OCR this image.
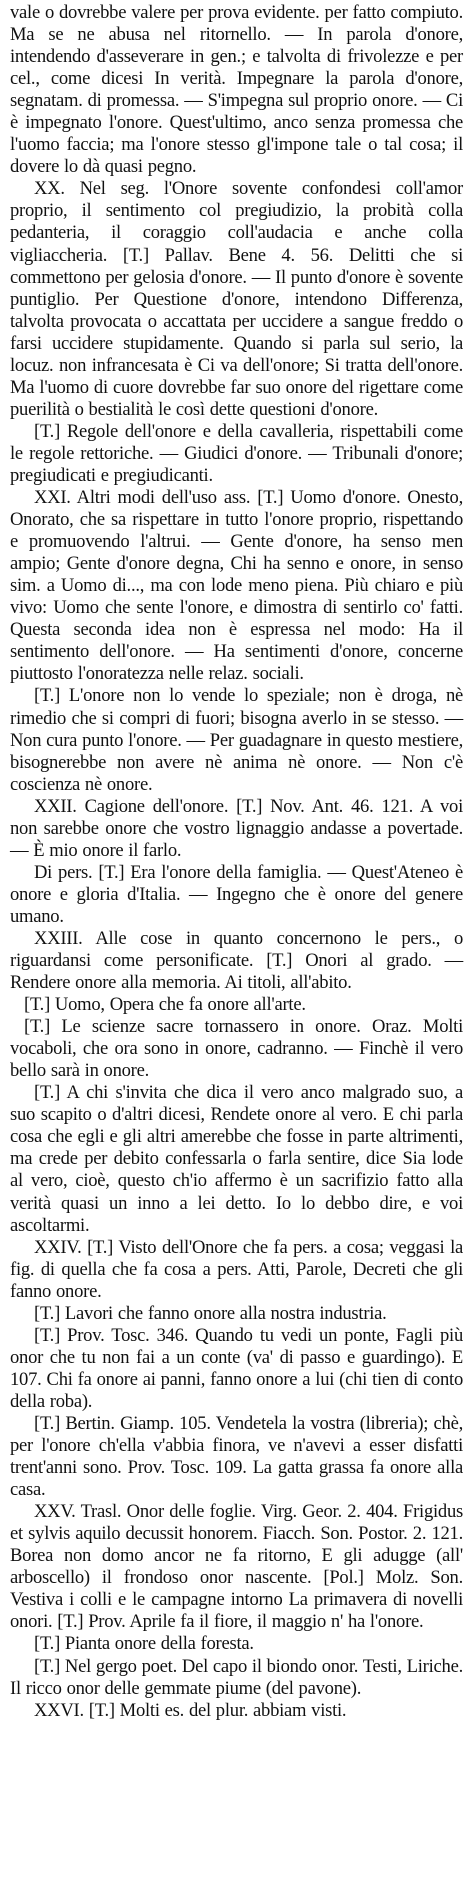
vale o dovrebbe valere per prova evidente. per fatto compiuto. Ma se ne abusa nel ritornello. — In parola d'onore, intendendo d'asseverare in gen.; e talvolta di frivolezze e per cel., come dicesi In verità. Impegnare la parola d'onore, segnatam. di promessa. — S'impegna sul proprio onore. — Ci è impegnato l'onore. Quest'ultimo, anco senza promessa che l'uomo faccia; ma l'onore stesso gl'impone tale o tal cosa; il dovere lo dà quasi pegno.

XX. Nel seg. l'Onore sovente confondesi coll'amor proprio, il sentimento col pregiudizio, la probità colla pedanteria, il coraggio coll'audacia e anche colla vigliaccheria. [T.] Pallav. Bene 4. 56. Delitti che si commettono per gelosia d'onore. — Il punto d'onore è sovente puntiglio. Per Questione d'onore, intendono Differenza, talvolta provocata o accattata per uccidere a sangue freddo o farsi uccidere stupidamente. Quando si parla sul serio, la locuz. non infrancesata è Ci va dell'onore; Si tratta dell'onore. Ma l'uomo di cuore dovrebbe far suo onore del rigettare come puerilità o bestialità le così dette questioni d'onore.

[T.] Regole dell'onore e della cavalleria, rispettabili come le regole rettoriche. — Giudici d'onore. — Tribunali d'onore; pregiudicati e pregiudicanti.

XXI. Altri modi dell'uso ass. [T.] Uomo d'onore. Onesto, Onorato, che sa rispettare in tutto l'onore proprio, rispettando e promuovendo l'altrui. — Gente d'onore, ha senso men ampio; Gente d'onore degna, Chi ha senno e onore, in senso sim. a Uomo di..., ma con lode meno piena. Più chiaro e più vivo: Uomo che sente l'onore, e dimostra di sentirlo co' fatti. Questa seconda idea non è espressa nel modo: Ha il sentimento dell'onore. — Ha sentimenti d'onore, concerne piuttosto l'onoratezza nelle relaz. sociali.

[T.] L'onore non lo vende lo speziale; non è droga, nè rimedio che si compri di fuori; bisogna averlo in se stesso. — Non cura punto l'onore. — Per guadagnare in questo mestiere, bisognerebbe non avere nè anima nè onore. — Non c'è coscienza nè onore.

XXII. Cagione dell'onore. [T.] Nov. Ant. 46. 121. A voi non sarebbe onore che vostro lignaggio andasse a povertade. — È mio onore il farlo.

Di pers. [T.] Era l'onore della famiglia. — Quest'Ateneo è onore e gloria d'Italia. — Ingegno che è onore del genere umano.

XXIII. Alle cose in quanto concernono le pers., o riguardansi come personificate. [T.] Onori al grado. — Rendere onore alla memoria. Ai titoli, all'abito.

[T.] Uomo, Opera che fa onore all'arte.

[T.] Le scienze sacre tornassero in onore. Oraz. Molti vocaboli, che ora sono in onore, cadranno. — Finchè il vero bello sarà in onore.

[T.] A chi s'invita che dica il vero anco malgrado suo, a suo scapito o d'altri dicesi, Rendete onore al vero. E chi parla cosa che egli e gli altri amerebbe che fosse in parte altrimenti, ma crede per debito confessarla o farla sentire, dice Sia lode al vero, cioè, questo ch'io affermo è un sacrifizio fatto alla verità quasi un inno a lei detto. Io lo debbo dire, e voi ascoltarmi.

XXIV. [T.] Visto dell'Onore che fa pers. a cosa; veggasi la fig. di quella che fa cosa a pers. Atti, Parole, Decreti che gli fanno onore.

[T.] Lavori che fanno onore alla nostra industria.

[T.] Prov. Tosc. 346. Quando tu vedi un ponte, Fagli più onor che tu non fai a un conte (va' di passo e guardingo). E 107. Chi fa onore ai panni, fanno onore a lui (chi tien di conto della roba).

[T.] Bertin. Giamp. 105. Vendetela la vostra (libreria); chè, per l'onore ch'ella v'abbia finora, ve n'avevi a esser disfatti trent'anni sono. Prov. Tosc. 109. La gatta grassa fa onore alla casa.

XXV. Trasl. Onor delle foglie. Virg. Geor. 2. 404. Frigidus et sylvis aquilo decussit honorem. Fiacch. Son. Postor. 2. 121. Borea non domo ancor ne fa ritorno, E gli adugge (all' arboscello) il frondoso onor nascente. [Pol.] Molz. Son. Vestiva i colli e le campagne intorno La primavera di novelli onori. [T.] Prov. Aprile fa il fiore, il maggio n' ha l'onore.

[T.] Pianta onore della foresta.

[T.] Nel gergo poet. Del capo il biondo onor. Testi, Liriche. Il ricco onor delle gemmate piume (del pavone).

XXVI. [T.] Molti es. del plur. abbiam visti.
